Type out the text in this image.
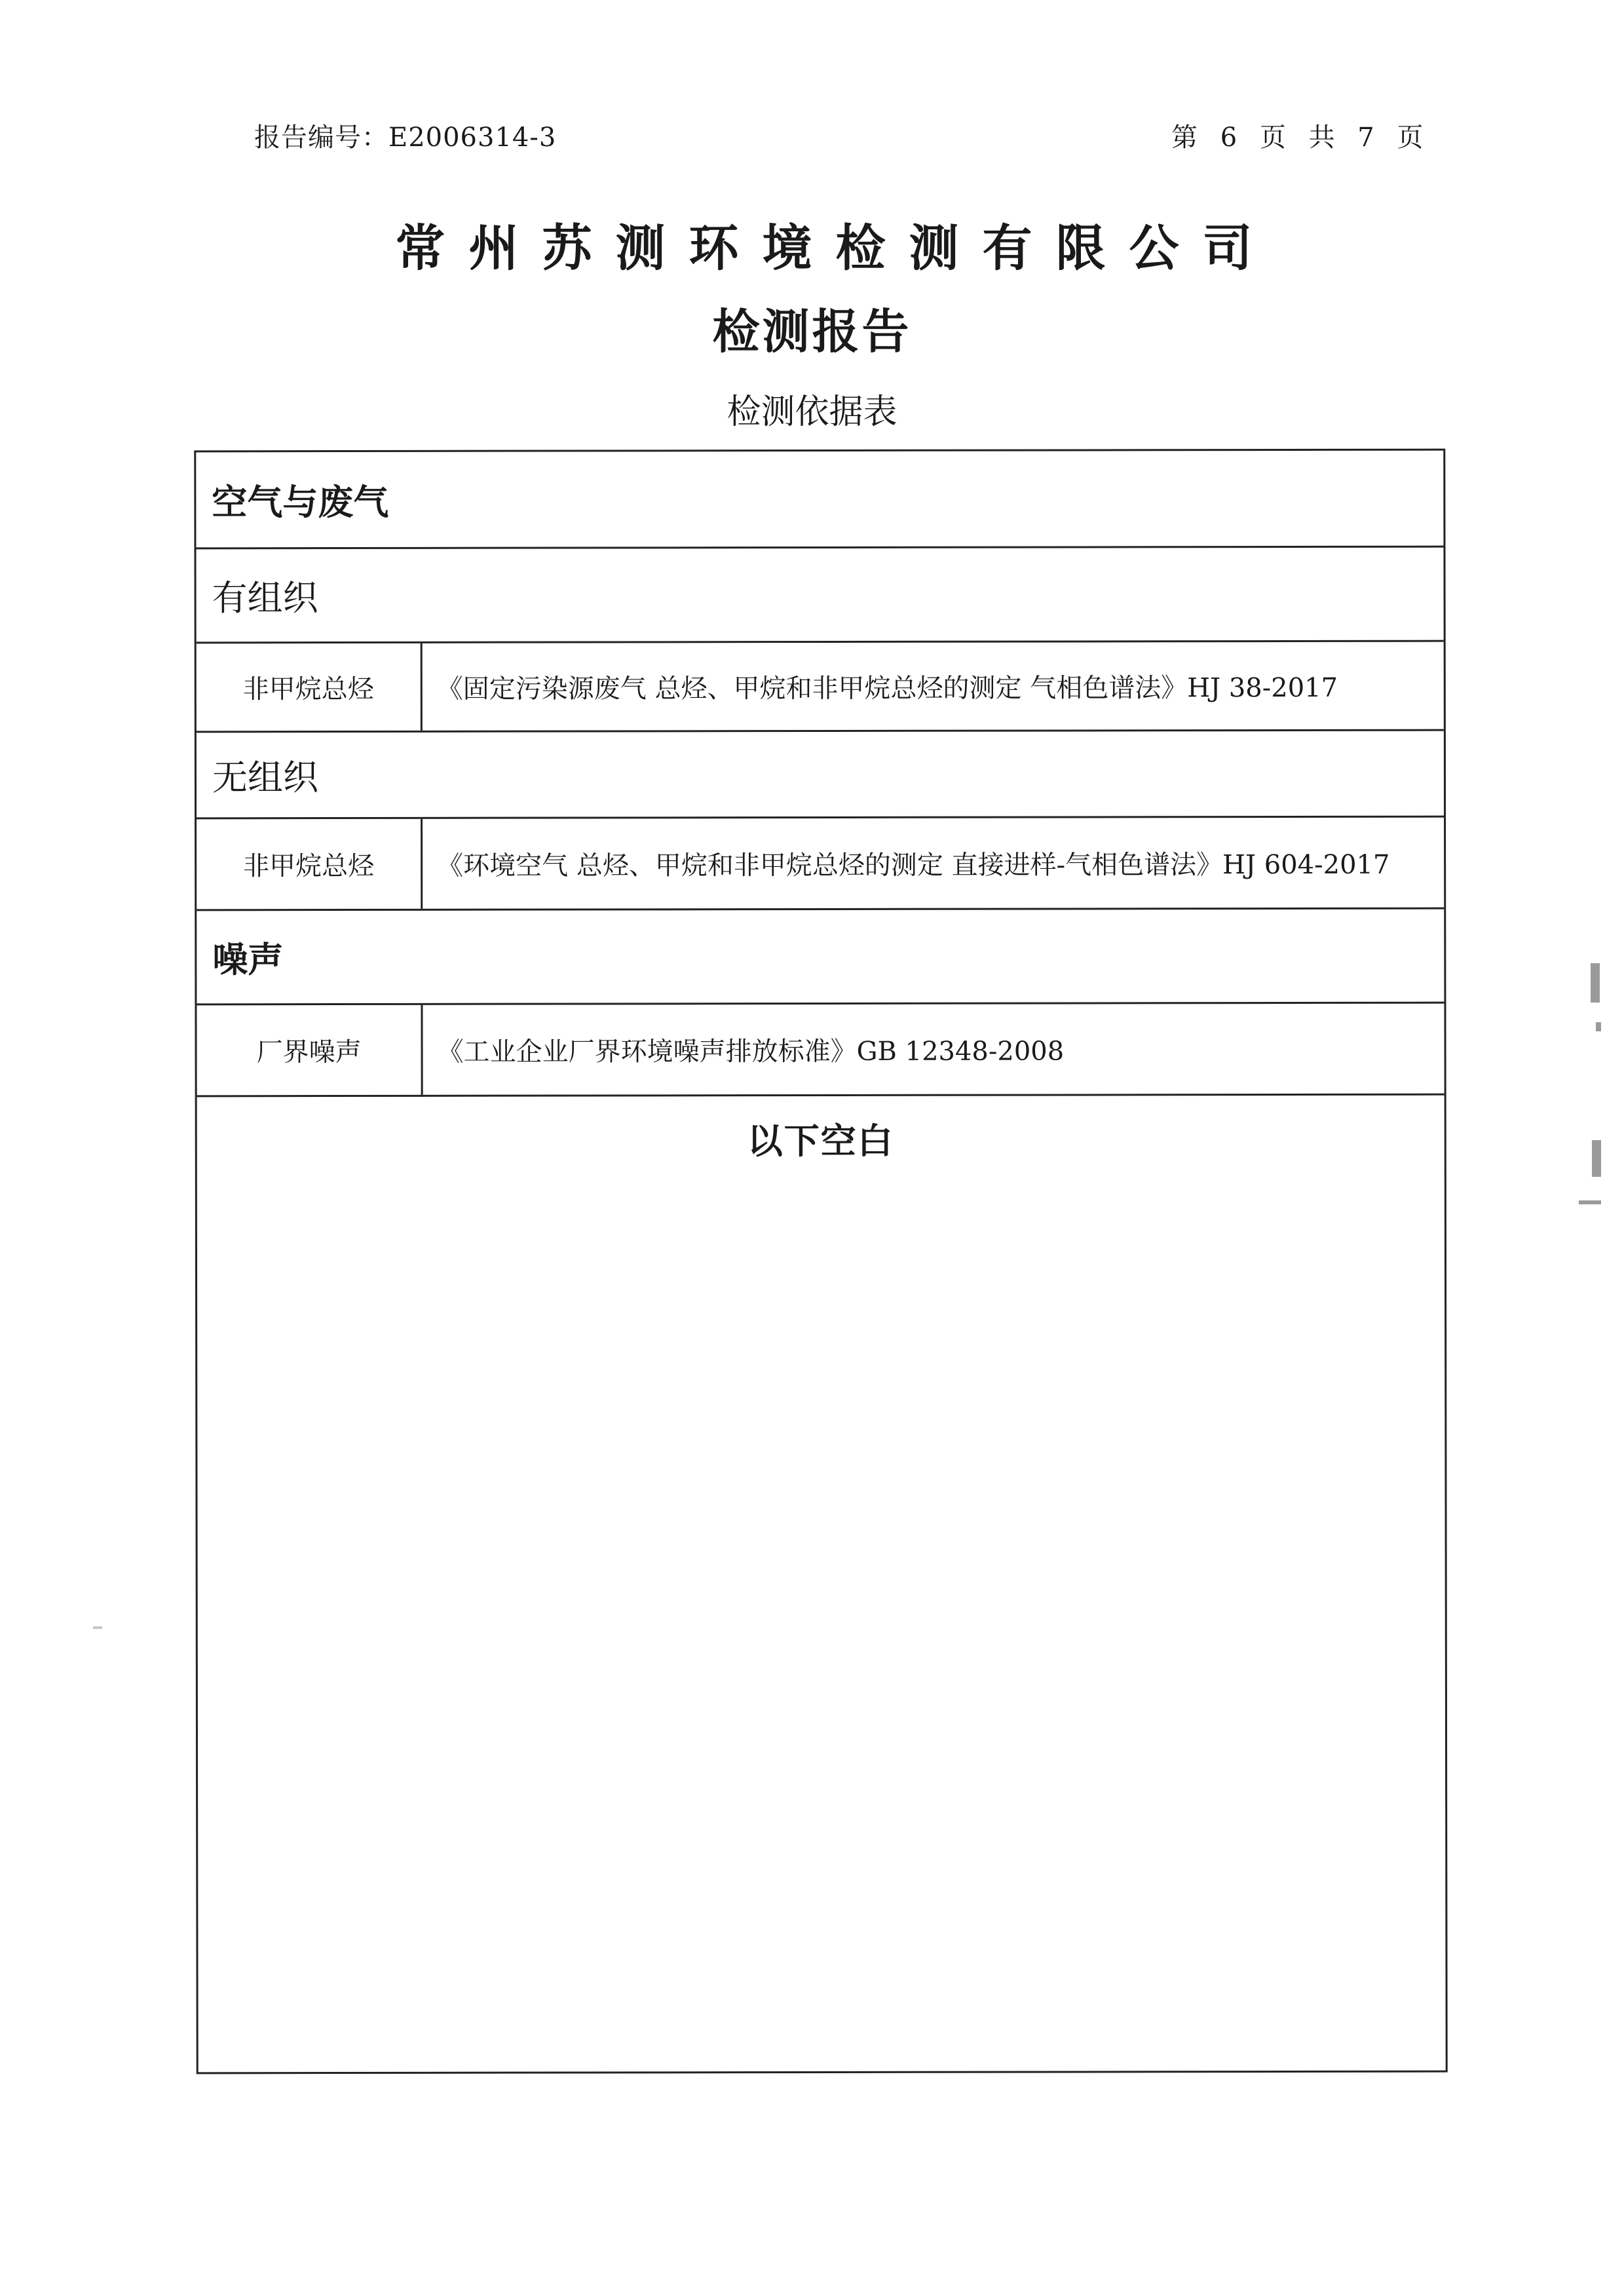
报告编号：E2006314-3	第 6 页 共 7 页
常州苏测环境检测有限公司
检测报告
检测依据表
空气与废气
有组织
非甲烷总烃	《固定污染源废气 总烃、甲烷和非甲烷总烃的测定 气相色谱法》HJ 38-2017
无组织
非甲烷总烃	《环境空气 总烃、甲烷和非甲烷总烃的测定 直接进样-气相色谱法》HJ 604-2017
噪声
厂界噪声	《工业企业厂界环境噪声排放标准》GB 12348-2008
以下空白
